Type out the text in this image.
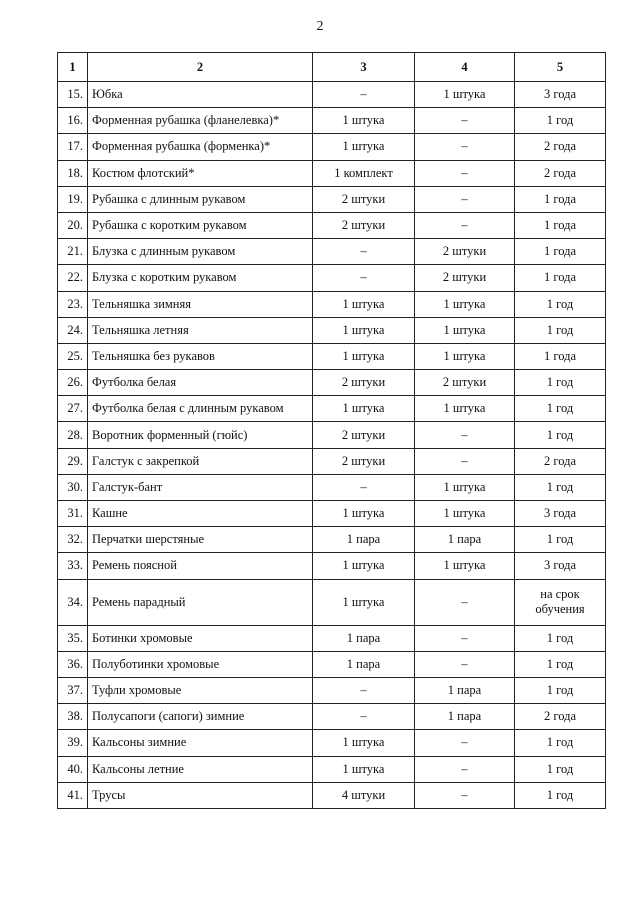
2
1	2	3	4	5
15.	Юбка	–	1 штука	3 года
16.	Форменная рубашка (фланелевка)*	1 штука	–	1 год
17.	Форменная рубашка (форменка)*	1 штука	–	2 года
18.	Костюм флотский*	1 комплект	–	2 года
19.	Рубашка с длинным рукавом	2 штуки	–	1 года
20.	Рубашка с коротким рукавом	2 штуки	–	1 года
21.	Блузка с длинным рукавом	–	2 штуки	1 года
22.	Блузка с коротким рукавом	–	2 штуки	1 года
23.	Тельняшка зимняя	1 штука	1 штука	1 год
24.	Тельняшка летняя	1 штука	1 штука	1 год
25.	Тельняшка без рукавов	1 штука	1 штука	1 года
26.	Футболка белая	2 штуки	2 штуки	1 год
27.	Футболка белая с длинным рукавом	1 штука	1 штука	1 год
28.	Воротник форменный (гюйс)	2 штуки	–	1 год
29.	Галстук с закрепкой	2 штуки	–	2 года
30.	Галстук-бант	–	1 штука	1 год
31.	Кашне	1 штука	1 штука	3 года
32.	Перчатки шерстяные	1 пара	1 пара	1 год
33.	Ремень поясной	1 штука	1 штука	3 года
34.	Ремень парадный	1 штука	–	на срок обучения
35.	Ботинки хромовые	1 пара	–	1 год
36.	Полуботинки хромовые	1 пара	–	1 год
37.	Туфли хромовые	–	1 пара	1 год
38.	Полусапоги (сапоги) зимние	–	1 пара	2 года
39.	Кальсоны зимние	1 штука	–	1 год
40.	Кальсоны летние	1 штука	–	1 год
41.	Трусы	4 штуки	–	1 год
